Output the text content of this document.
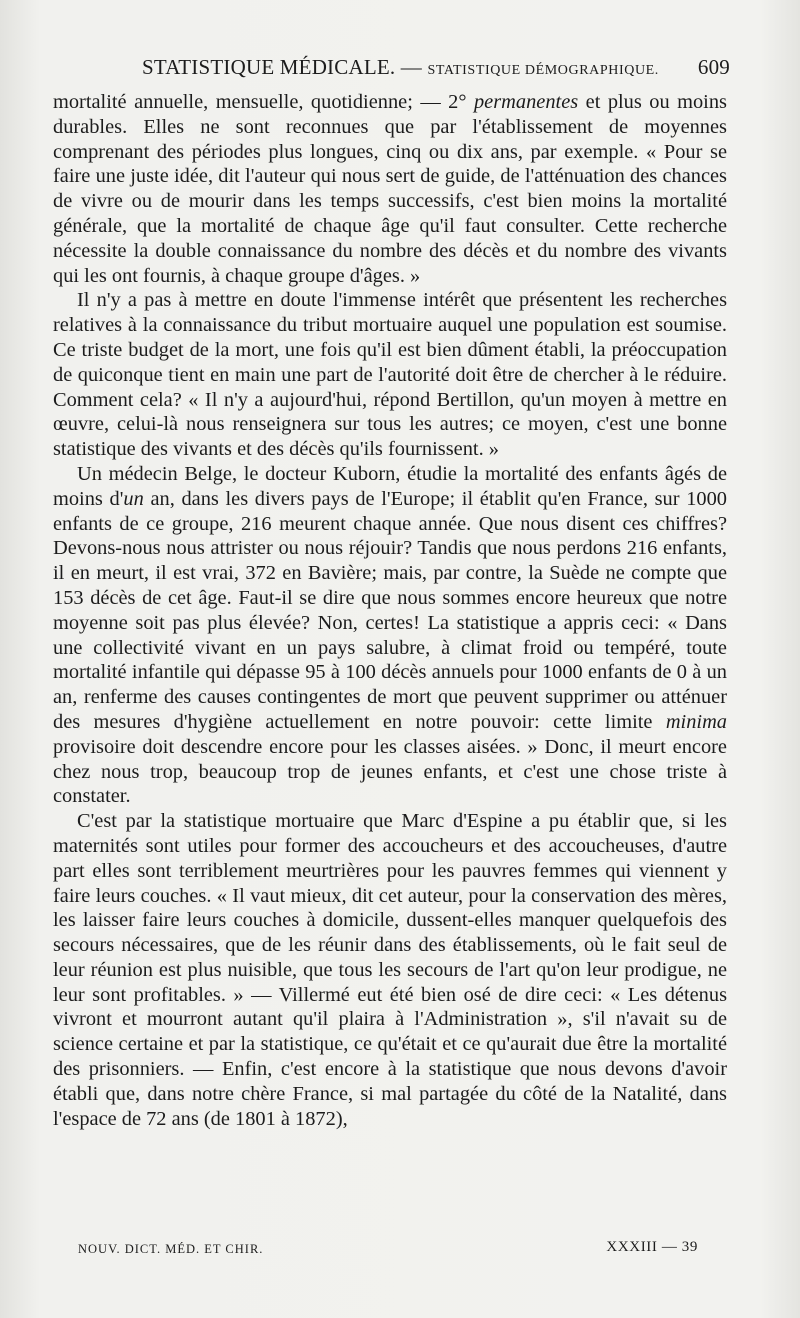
STATISTIQUE MÉDICALE. — STATISTIQUE DÉMOGRAPHIQUE. 609

mortalité annuelle, mensuelle, quotidienne; — 2° permanentes et plus ou moins durables. Elles ne sont reconnues que par l'établissement de moyennes comprenant des périodes plus longues, cinq ou dix ans, par exemple. « Pour se faire une juste idée, dit l'auteur qui nous sert de guide, de l'atténuation des chances de vivre ou de mourir dans les temps successifs, c'est bien moins la mortalité générale, que la mortalité de chaque âge qu'il faut consulter. Cette recherche nécessite la double connaissance du nombre des décès et du nombre des vivants qui les ont fournis, à chaque groupe d'âges. »

Il n'y a pas à mettre en doute l'immense intérêt que présentent les recherches relatives à la connaissance du tribut mortuaire auquel une population est soumise. Ce triste budget de la mort, une fois qu'il est bien dûment établi, la préoccupation de quiconque tient en main une part de l'autorité doit être de chercher à le réduire. Comment cela? « Il n'y a aujourd'hui, répond Bertillon, qu'un moyen à mettre en œuvre, celui-là nous renseignera sur tous les autres; ce moyen, c'est une bonne statistique des vivants et des décès qu'ils fournissent. »

Un médecin Belge, le docteur Kuborn, étudie la mortalité des enfants âgés de moins d'un an, dans les divers pays de l'Europe; il établit qu'en France, sur 1000 enfants de ce groupe, 216 meurent chaque année. Que nous disent ces chiffres? Devons-nous nous attrister ou nous réjouir? Tandis que nous perdons 216 enfants, il en meurt, il est vrai, 372 en Bavière; mais, par contre, la Suède ne compte que 153 décès de cet âge. Faut-il se dire que nous sommes encore heureux que notre moyenne soit pas plus élevée? Non, certes! La statistique a appris ceci: « Dans une collectivité vivant en un pays salubre, à climat froid ou tempéré, toute mortalité infantile qui dépasse 95 à 100 décès annuels pour 1000 enfants de 0 à un an, renferme des causes contingentes de mort que peuvent supprimer ou atténuer des mesures d'hygiène actuellement en notre pouvoir: cette limite minima provisoire doit descendre encore pour les classes aisées. » Donc, il meurt encore chez nous trop, beaucoup trop de jeunes enfants, et c'est une chose triste à constater.

C'est par la statistique mortuaire que Marc d'Espine a pu établir que, si les maternités sont utiles pour former des accoucheurs et des accoucheuses, d'autre part elles sont terriblement meurtrières pour les pauvres femmes qui viennent y faire leurs couches. « Il vaut mieux, dit cet auteur, pour la conservation des mères, les laisser faire leurs couches à domicile, dussent-elles manquer quelquefois des secours nécessaires, que de les réunir dans des établissements, où le fait seul de leur réunion est plus nuisible, que tous les secours de l'art qu'on leur prodigue, ne leur sont profitables. » — Villermé eut été bien osé de dire ceci: « Les détenus vivront et mourront autant qu'il plaira à l'Administration », s'il n'avait su de science certaine et par la statistique, ce qu'était et ce qu'aurait due être la mortalité des prisonniers. — Enfin, c'est encore à la statistique que nous devons d'avoir établi que, dans notre chère France, si mal partagée du côté de la Natalité, dans l'espace de 72 ans (de 1801 à 1872),

NOUV. DICT. MÉD. ET CHIR.	XXXIII — 39
